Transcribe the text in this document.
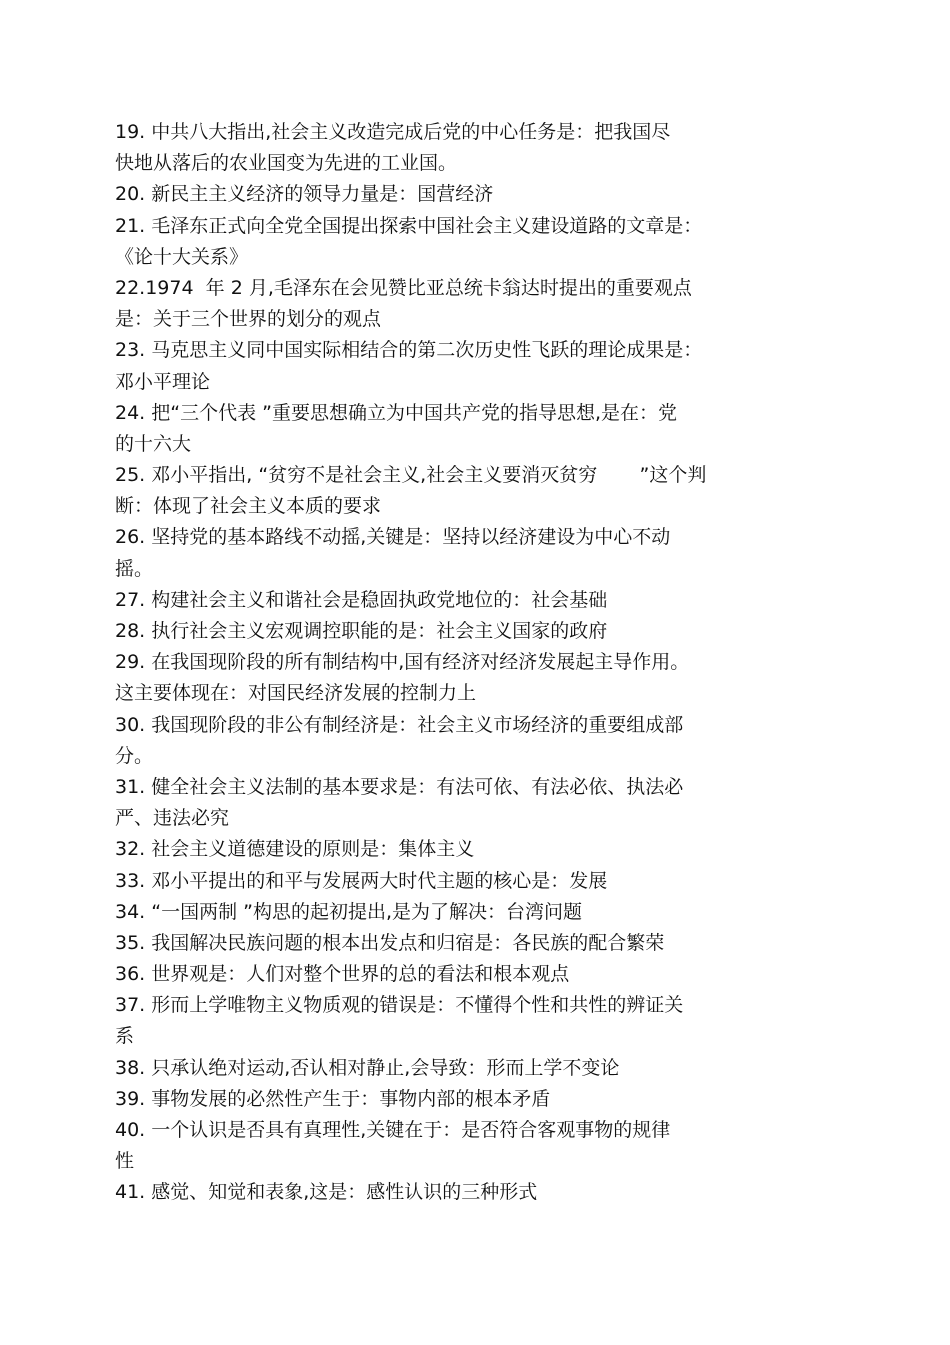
19. 中共八大指出,社会主义改造完成后党的中心任务是：把我国尽
快地从落后的农业国变为先进的工业国。
20. 新民主主义经济的领导力量是：国营经济
21. 毛泽东正式向全党全国提出探索中国社会主义建设道路的文章是：
《论十大关系》
22.1974  年 2 月,毛泽东在会见赞比亚总统卡翁达时提出的重要观点
是：关于三个世界的划分的观点
23. 马克思主义同中国实际相结合的第二次历史性飞跃的理论成果是：
邓小平理论
24. 把“三个代表 ”重要思想确立为中国共产党的指导思想,是在：党
的十六大
25. 邓小平指出, “贫穷不是社会主义,社会主义要消灭贫穷       ”这个判
断：体现了社会主义本质的要求
26. 坚持党的基本路线不动摇,关键是：坚持以经济建设为中心不动
摇。
27. 构建社会主义和谐社会是稳固执政党地位的：社会基础
28. 执行社会主义宏观调控职能的是：社会主义国家的政府
29. 在我国现阶段的所有制结构中,国有经济对经济发展起主导作用。
这主要体现在：对国民经济发展的控制力上
30. 我国现阶段的非公有制经济是：社会主义市场经济的重要组成部
分。
31. 健全社会主义法制的基本要求是：有法可依、有法必依、执法必
严、违法必究
32. 社会主义道德建设的原则是：集体主义
33. 邓小平提出的和平与发展两大时代主题的核心是：发展
34. “一国两制 ”构思的起初提出,是为了解决：台湾问题
35. 我国解决民族问题的根本出发点和归宿是：各民族的配合繁荣
36. 世界观是：人们对整个世界的总的看法和根本观点
37. 形而上学唯物主义物质观的错误是：不懂得个性和共性的辨证关
系
38. 只承认绝对运动,否认相对静止,会导致：形而上学不变论
39. 事物发展的必然性产生于：事物内部的根本矛盾
40. 一个认识是否具有真理性,关键在于：是否符合客观事物的规律
性
41. 感觉、知觉和表象,这是：感性认识的三种形式
